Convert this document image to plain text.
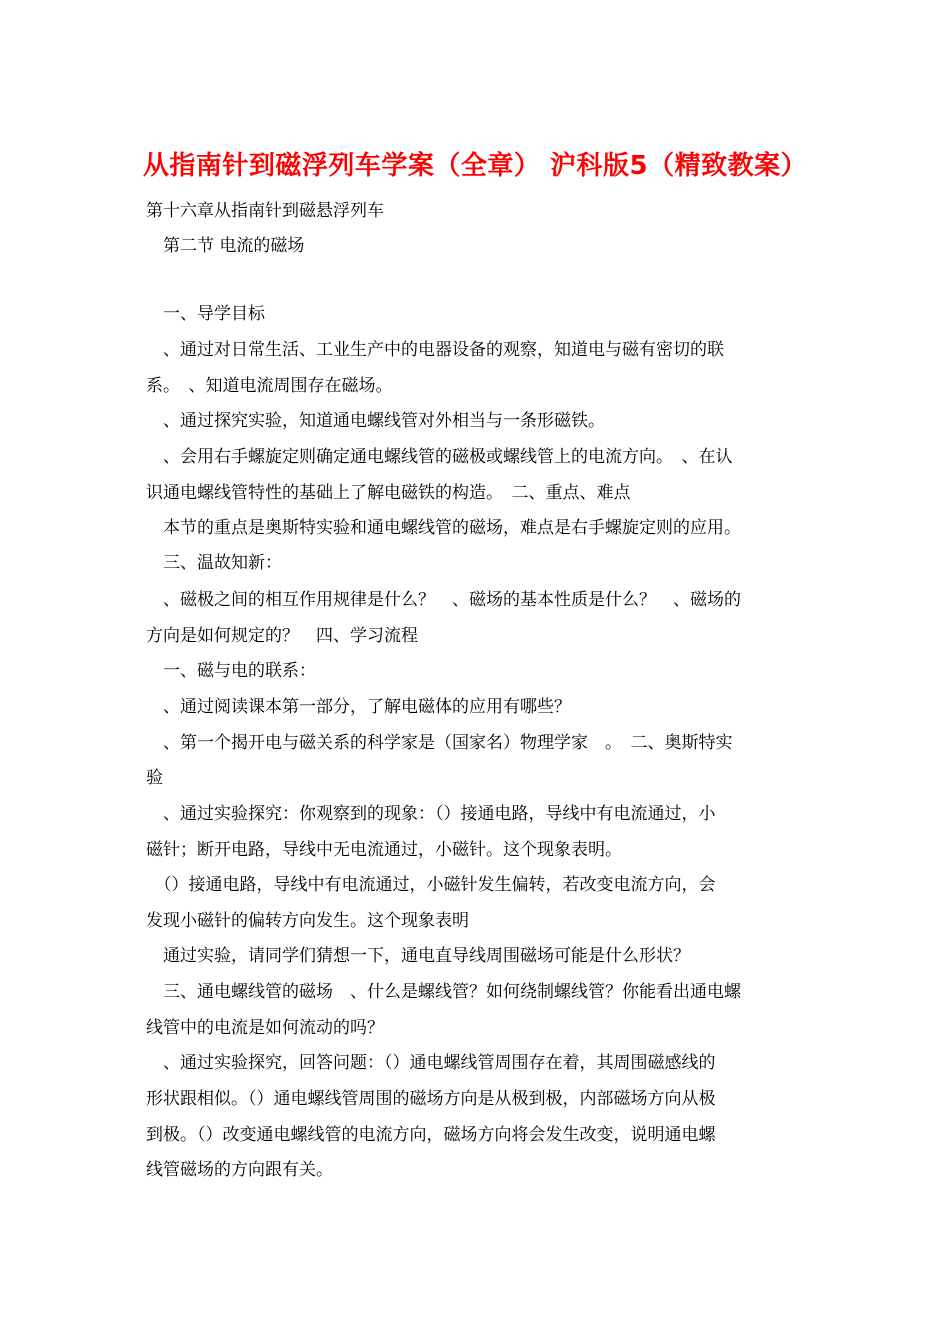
从指南针到磁浮列车学案（全章） 沪科版5（精致教案）
第十六章从指南针到磁悬浮列车
　第二节 电流的磁场
　一、导学目标
　、通过对日常生活、工业生产中的电器设备的观察，知道电与磁有密切的联
系。　、知道电流周围存在磁场。
　、通过探究实验，知道通电螺线管对外相当与一条形磁铁。
　、会用右手螺旋定则确定通电螺线管的磁极或螺线管上的电流方向。　、在认
识通电螺线管特性的基础上了解电磁铁的构造。　二、重点、难点
　本节的重点是奥斯特实验和通电螺线管的磁场，难点是右手螺旋定则的应用。
　三、温故知新：
　、磁极之间的相互作用规律是什么？　、磁场的基本性质是什么？　、磁场的
方向是如何规定的？　四、学习流程
　一、磁与电的联系：
　、通过阅读课本第一部分，了解电磁体的应用有哪些？
　、第一个揭开电与磁关系的科学家是（国家名）物理学家　。　二、奥斯特实
验
　、通过实验探究：你观察到的现象：（）接通电路，导线中有电流通过，小
磁针；断开电路，导线中无电流通过，小磁针。这个现象表明。
　（）接通电路，导线中有电流通过，小磁针发生偏转，若改变电流方向，会
发现小磁针的偏转方向发生。这个现象表明
　通过实验，请同学们猜想一下，通电直导线周围磁场可能是什么形状？
　三、通电螺线管的磁场　、什么是螺线管？如何绕制螺线管？你能看出通电螺
线管中的电流是如何流动的吗？
　、通过实验探究，回答问题：（）通电螺线管周围存在着，其周围磁感线的
形状跟相似。（）通电螺线管周围的磁场方向是从极到极，内部磁场方向从极
到极。（）改变通电螺线管的电流方向，磁场方向将会发生改变，说明通电螺
线管磁场的方向跟有关。
